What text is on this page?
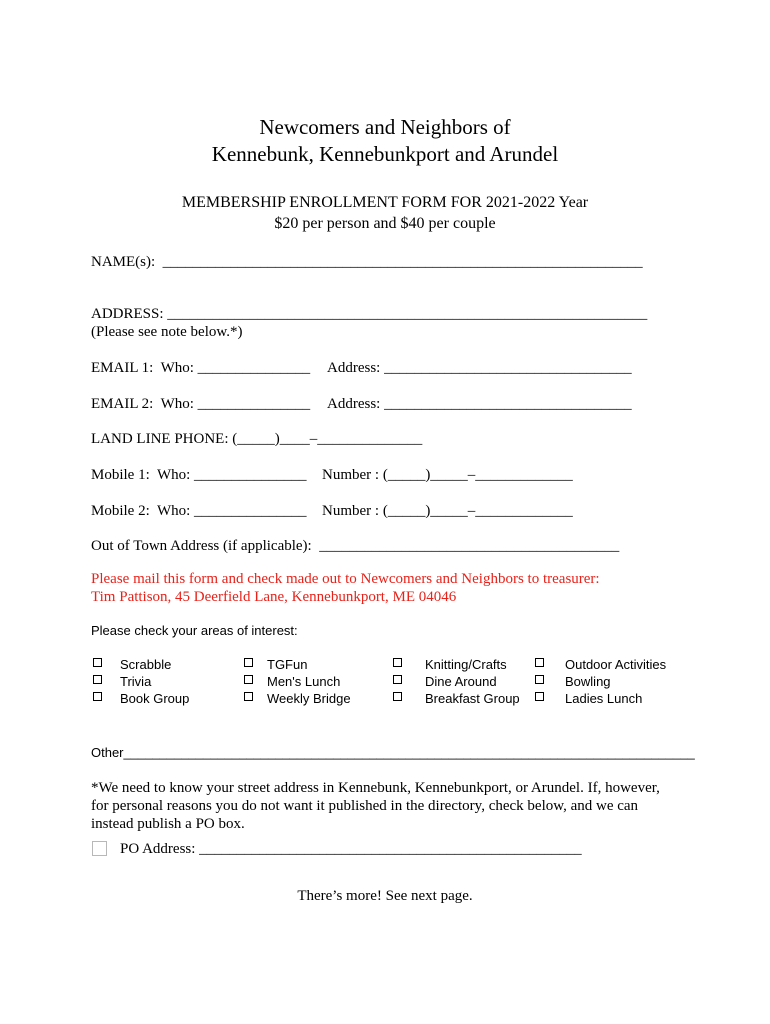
Newcomers and Neighbors of
Kennebunk, Kennebunkport and Arundel
MEMBERSHIP ENROLLMENT FORM FOR 2021-2022 Year
$20 per person and $40 per couple
NAME(s):  ________________________________________________________________
ADDRESS: ________________________________________________________________
(Please see note below.*)
EMAIL 1:  Who: _______________ Address: _________________________________
EMAIL 2:  Who: _______________ Address: _________________________________
LAND LINE PHONE: (_____)____–______________
Mobile 1:  Who: _______________ Number : (_____)_____–_____________
Mobile 2:  Who: _______________ Number : (_____)_____–_____________
Out of Town Address (if applicable):  ________________________________________
Please mail this form and check made out to Newcomers and Neighbors to treasurer:
Tim Pattison, 45 Deerfield Lane, Kennebunkport, ME 04046
Please check your areas of interest:
Scrabble
Trivia
Book Group
TGFun
Men's Lunch
Weekly Bridge
Knitting/Crafts
Dine Around
Breakfast Group
Outdoor Activities
Bowling
Ladies Lunch
Other_______________________________________________________________________________
*We need to know your street address in Kennebunk, Kennebunkport, or Arundel. If, however,
for personal reasons you do not want it published in the directory, check below, and we can
instead publish a PO box.
PO Address: ___________________________________________________
There’s more! See next page.
